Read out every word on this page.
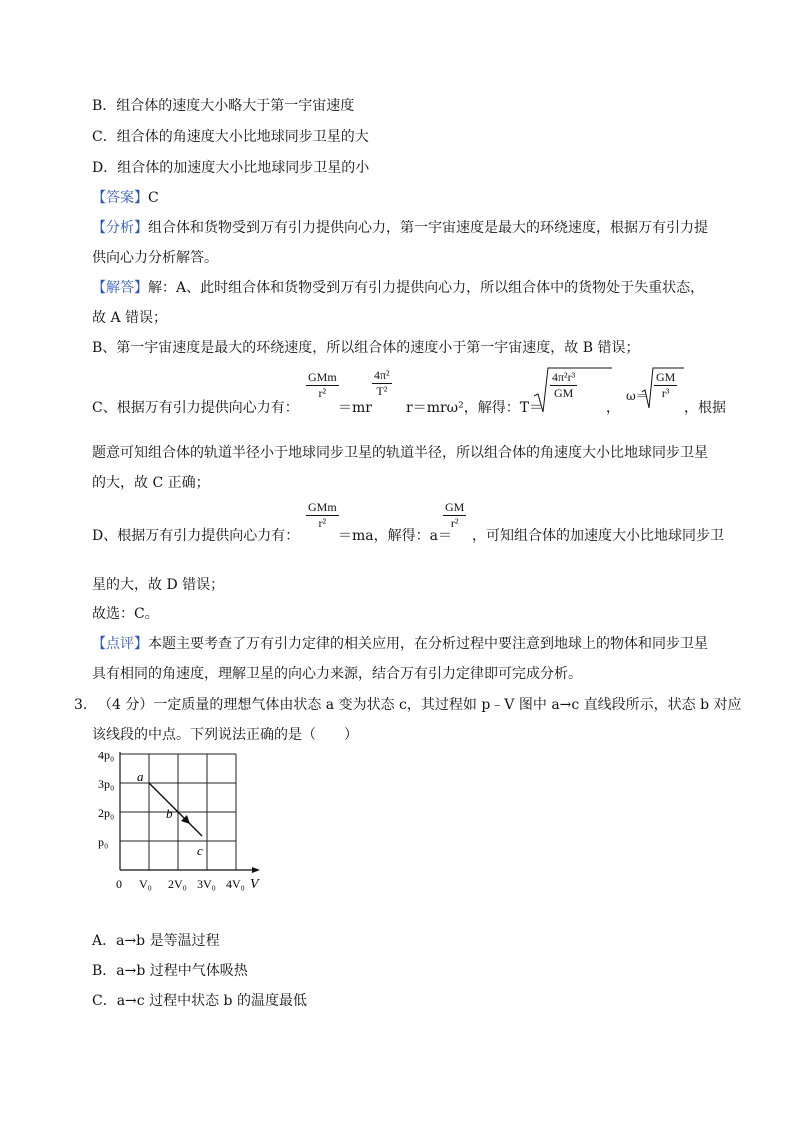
B．组合体的速度大小略大于第一宇宙速度
C．组合体的角速度大小比地球同步卫星的大
D．组合体的加速度大小比地球同步卫星的小
【答案】C
【分析】组合体和货物受到万有引力提供向心力，第一宇宙速度是最大的环绕速度，根据万有引力提
供向心力分析解答。
【解答】解：A、此时组合体和货物受到万有引力提供向心力，所以组合体中的货物处于失重状态，
故 A 错误；
B、第一宇宙速度是最大的环绕速度，所以组合体的速度小于第一宇宙速度，故 B 错误；
C、根据万有引力提供向心力有：
GMm
r²
＝mr
$\frac{\text{4π²}}{\text{T²}}$
r＝mrω²，解得：T＝
$\frac{\text{4π²r³}}{GM}$
，
$\omega= \frac{GM}{\text{r³}}$
，根据
题意可知组合体的轨道半径小于地球同步卫星的轨道半径，所以组合体的角速度大小比地球同步卫星
的大，故 C 正确；
D、根据万有引力提供向心力有：
GMm
r²
＝ma，解得：a＝
$\frac{GM}{\text{r²}}$
，可知组合体的加速度大小比地球同步卫
星的大，故 D 错误；
故选：C。
【点评】本题主要考查了万有引力定律的相关应用，在分析过程中要注意到地球上的物体和同步卫星
具有相同的角速度，理解卫星的向心力来源，结合万有引力定律即可完成分析。
3． （4 分）一定质量的理想气体由状态 a 变为状态 c，其过程如 p﹣V 图中 a→c 直线段所示，状态 b 对应
该线段的中点。下列说法正确的是（　　）
V
0 V₀ 2V₀ 3V₀ 4V₀
p₀
2p₀
3p₀
4p₀
a
b
c
A．a→b 是等温过程
B．a→b 过程中气体吸热
C．a→c 过程中状态 b 的温度最低
